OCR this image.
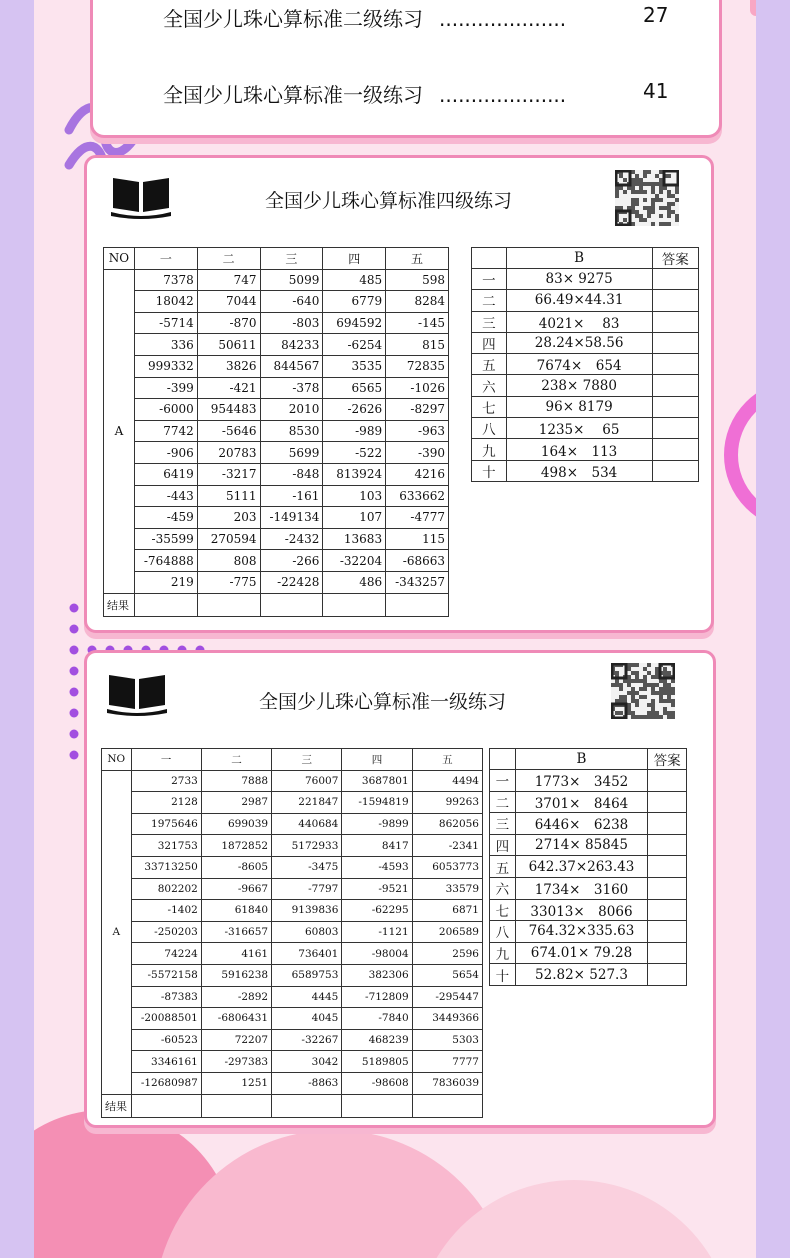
全国少儿珠心算标准二级练习 ....................	27
全国少儿珠心算标准一级练习 ....................	41
全国少儿珠心算标准四级练习
NO	一	二	三	四	五
A	7378	747	5099	485	598
	18042	7044	-640	6779	8284
	-5714	-870	-803	694592	-145
	336	50611	84233	-6254	815
	999332	3826	844567	3535	72835
	-399	-421	-378	6565	-1026
	-6000	954483	2010	-2626	-8297
	7742	-5646	8530	-989	-963
	-906	20783	5699	-522	-390
	6419	-3217	-848	813924	4216
	-443	5111	-161	103	633662
	-459	203	-149134	107	-4777
	-35599	270594	-2432	13683	115
	-764888	808	-266	-32204	-68663
	219	-775	-22428	486	-343257
结果					
	B	答案
一	83× 9275	
二	66.49×44.31	
三	4021×　 83	
四	28.24×58.56	
五	7674×　654	
六	238× 7880	
七	96× 8179	
八	1235×　 65	
九	164×　113	
十	498×　534	
全国少儿珠心算标准一级练习
NO	一	二	三	四	五
A	2733	7888	76007	3687801	4494
	2128	2987	221847	-1594819	99263
	1975646	699039	440684	-9899	862056
	321753	1872852	5172933	8417	-2341
	33713250	-8605	-3475	-4593	6053773
	802202	-9667	-7797	-9521	33579
	-1402	61840	9139836	-62295	6871
	-250203	-316657	60803	-1121	206589
	74224	4161	736401	-98004	2596
	-5572158	5916238	6589753	382306	5654
	-87383	-2892	4445	-712809	-295447
	-20088501	-6806431	4045	-7840	3449366
	-60523	72207	-32267	468239	5303
	3346161	-297383	3042	5189805	7777
	-12680987	1251	-8863	-98608	7836039
结果					
	B	答案
一	1773×　3452	
二	3701×　8464	
三	6446×　6238	
四	2714× 85845	
五	642.37×263.43	
六	1734×　3160	
七	33013×　8066	
八	764.32×335.63	
九	674.01× 79.28	
十	52.82× 527.3	
